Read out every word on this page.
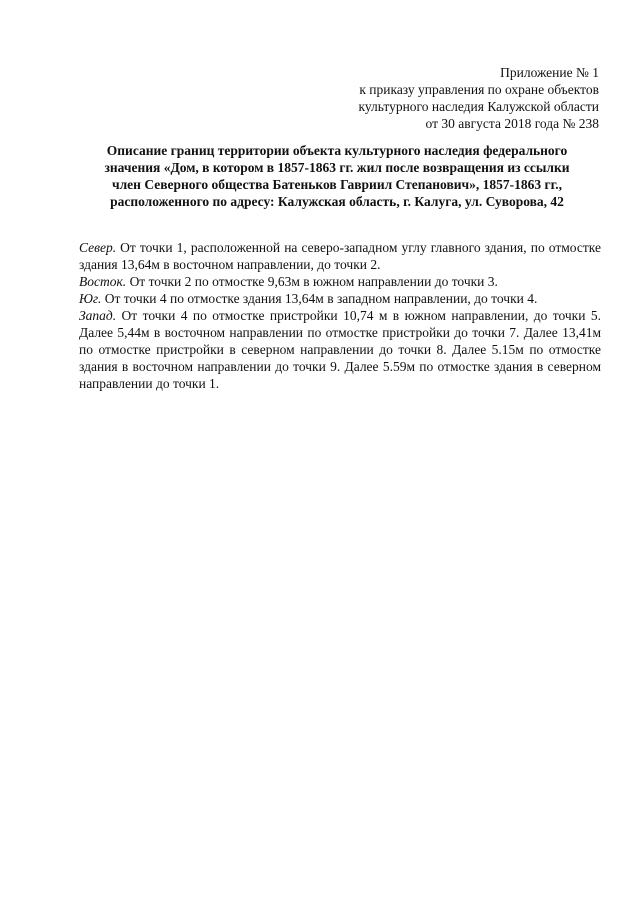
Приложение № 1
к приказу управления по охране объектов
культурного наследия Калужской области
от 30 августа 2018 года № 238
Описание границ территории объекта культурного наследия федерального
значения «Дом, в котором в 1857-1863 гг. жил после возвращения из ссылки
член Северного общества Батеньков Гавриил Степанович», 1857-1863 гг.,
расположенного по адресу: Калужская область, г. Калуга, ул. Суворова, 42

Север. От точки 1, расположенной на северо-западном углу главного здания, по отмостке здания 13,64м в восточном направлении, до точки 2.

Восток. От точки 2 по отмостке 9,63м в южном направлении до точки 3.

Юг. От точки 4 по отмостке здания 13,64м в западном направлении, до точки 4.

Запад. От точки 4 по отмостке пристройки 10,74 м в южном направлении, до точки 5. Далее 5,44м в восточном направлении по отмостке пристройки до точки 7. Далее 13,41м по отмостке пристройки в северном направлении до точки 8. Далее 5.15м по отмостке здания в восточном направлении до точки 9. Далее 5.59м по отмостке здания в северном направлении до точки 1.
